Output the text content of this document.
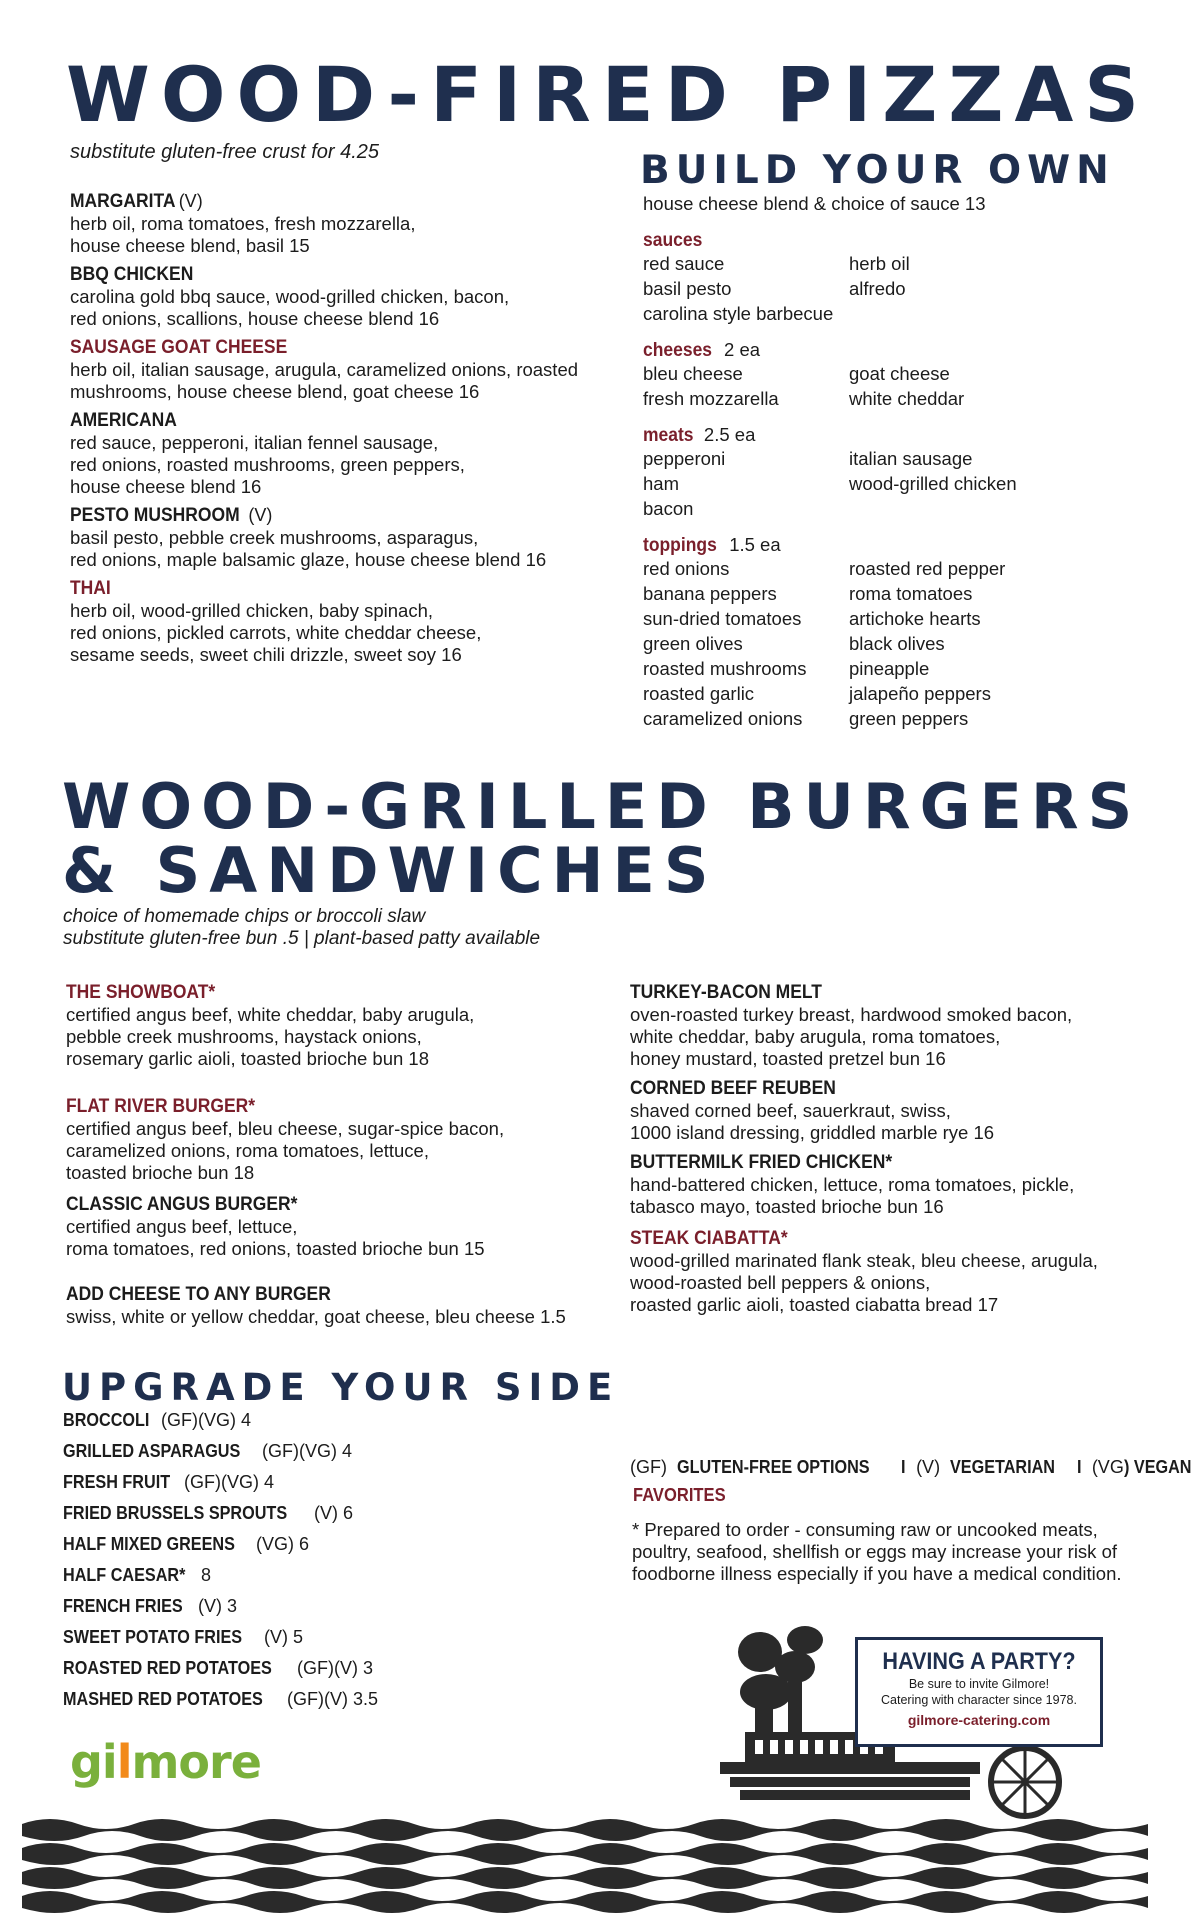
WOOD-FIRED PIZZAS
substitute gluten-free crust for 4.25
MARGARITA (V)
herb oil, roma tomatoes, fresh mozzarella,
house cheese blend, basil 15
BBQ CHICKEN
carolina gold bbq sauce, wood-grilled chicken, bacon,
red onions, scallions, house cheese blend 16
SAUSAGE GOAT CHEESE
herb oil, italian sausage, arugula, caramelized onions, roasted
mushrooms, house cheese blend, goat cheese 16
AMERICANA
red sauce, pepperoni, italian fennel sausage,
red onions, roasted mushrooms, green peppers,
house cheese blend 16
PESTO MUSHROOM (V)
basil pesto, pebble creek mushrooms, asparagus,
red onions, maple balsamic glaze, house cheese blend 16
THAI
herb oil, wood-grilled chicken, baby spinach,
red onions, pickled carrots, white cheddar cheese,
sesame seeds, sweet chili drizzle, sweet soy 16
BUILD YOUR OWN
house cheese blend & choice of sauce 13
sauces
red sauce	herb oil
basil pesto	alfredo
carolina style barbecue
cheeses 2 ea
bleu cheese	goat cheese
fresh mozzarella	white cheddar
meats 2.5 ea
pepperoni	italian sausage
ham	wood-grilled chicken
bacon
toppings 1.5 ea
red onions	roasted red pepper
banana peppers	roma tomatoes
sun-dried tomatoes	artichoke hearts
green olives	black olives
roasted mushrooms	pineapple
roasted garlic	jalapeño peppers
caramelized onions	green peppers
WOOD-GRILLED BURGERS
& SANDWICHES
choice of homemade chips or broccoli slaw
substitute gluten-free bun .5 | plant-based patty available
THE SHOWBOAT*
certified angus beef, white cheddar, baby arugula,
pebble creek mushrooms, haystack onions,
rosemary garlic aioli, toasted brioche bun 18
FLAT RIVER BURGER*
certified angus beef, bleu cheese, sugar-spice bacon,
caramelized onions, roma tomatoes, lettuce,
toasted brioche bun 18
CLASSIC ANGUS BURGER*
certified angus beef, lettuce,
roma tomatoes, red onions, toasted brioche bun 15
ADD CHEESE TO ANY BURGER
swiss, white or yellow cheddar, goat cheese, bleu cheese 1.5
TURKEY-BACON MELT
oven-roasted turkey breast, hardwood smoked bacon,
white cheddar, baby arugula, roma tomatoes,
honey mustard, toasted pretzel bun 16
CORNED BEEF REUBEN
shaved corned beef, sauerkraut, swiss,
1000 island dressing, griddled marble rye 16
BUTTERMILK FRIED CHICKEN*
hand-battered chicken, lettuce, roma tomatoes, pickle,
tabasco mayo, toasted brioche bun 16
STEAK CIABATTA*
wood-grilled marinated flank steak, bleu cheese, arugula,
wood-roasted bell peppers & onions,
roasted garlic aioli, toasted ciabatta bread 17
UPGRADE YOUR SIDE
BROCCOLI (GF)(VG) 4
GRILLED ASPARAGUS (GF)(VG) 4
FRESH FRUIT (GF)(VG) 4
FRIED BRUSSELS SPROUTS (V) 6
HALF MIXED GREENS (VG) 6
HALF CAESAR* 8
FRENCH FRIES (V) 3
SWEET POTATO FRIES (V) 5
ROASTED RED POTATOES (GF)(V) 3
MASHED RED POTATOES (GF)(V) 3.5
(GF) GLUTEN-FREE OPTIONS I (V) VEGETARIAN I (VG) VEGAN
FAVORITES
* Prepared to order - consuming raw or uncooked meats,
poultry, seafood, shellfish or eggs may increase your risk of
foodborne illness especially if you have a medical condition.
HAVING A PARTY?
Be sure to invite Gilmore!
Catering with character since 1978.
gilmore-catering.com
gilmore
